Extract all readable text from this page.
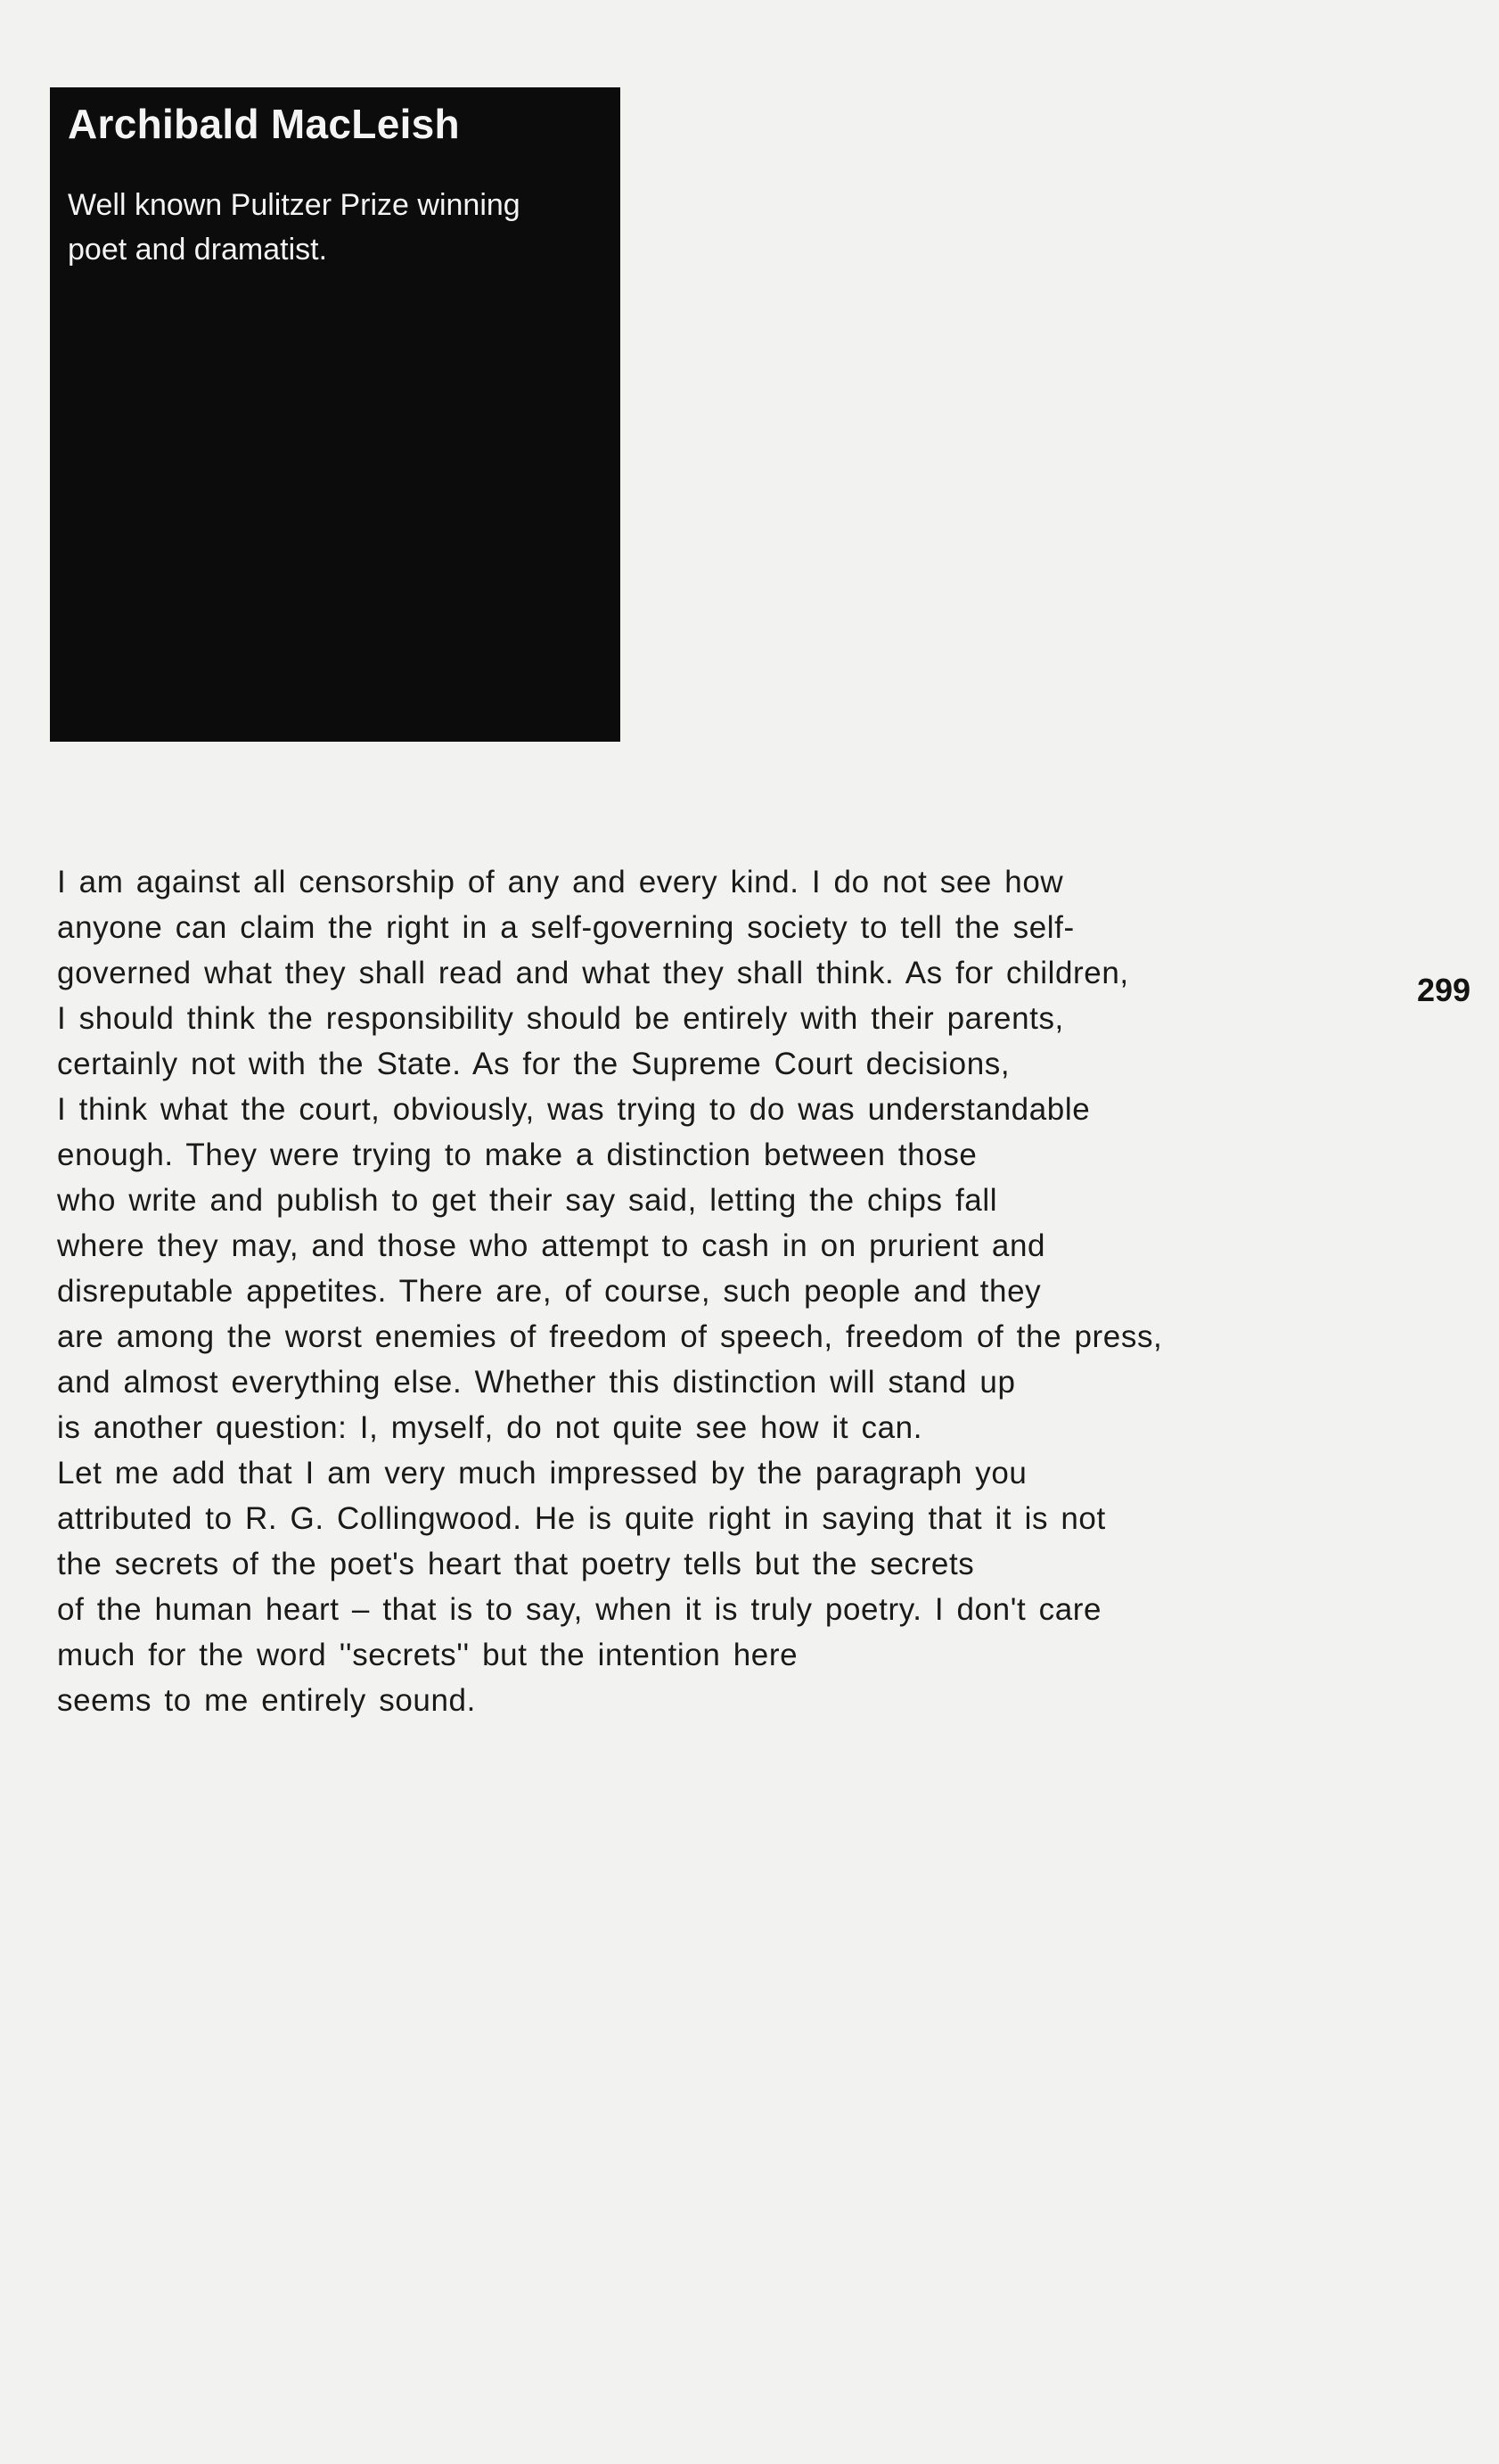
Archibald MacLeish

Well known Pulitzer Prize winning
poet and dramatist.

299

I am against all censorship of any and every kind. I do not see how
anyone can claim the right in a self-governing society to tell the self-
governed what they shall read and what they shall think. As for children,
I should think the responsibility should be entirely with their parents,
certainly not with the State. As for the Supreme Court decisions,
I think what the court, obviously, was trying to do was understandable
enough. They were trying to make a distinction between those
who write and publish to get their say said, letting the chips fall
where they may, and those who attempt to cash in on prurient and
disreputable appetites. There are, of course, such people and they
are among the worst enemies of freedom of speech, freedom of the press,
and almost everything else. Whether this distinction will stand up
is another question: I, myself, do not quite see how it can.
Let me add that I am very much impressed by the paragraph you
attributed to R. G. Collingwood. He is quite right in saying that it is not
the secrets of the poet's heart that poetry tells but the secrets
of the human heart – that is to say, when it is truly poetry. I don't care
much for the word ''secrets'' but the intention here
seems to me entirely sound.
